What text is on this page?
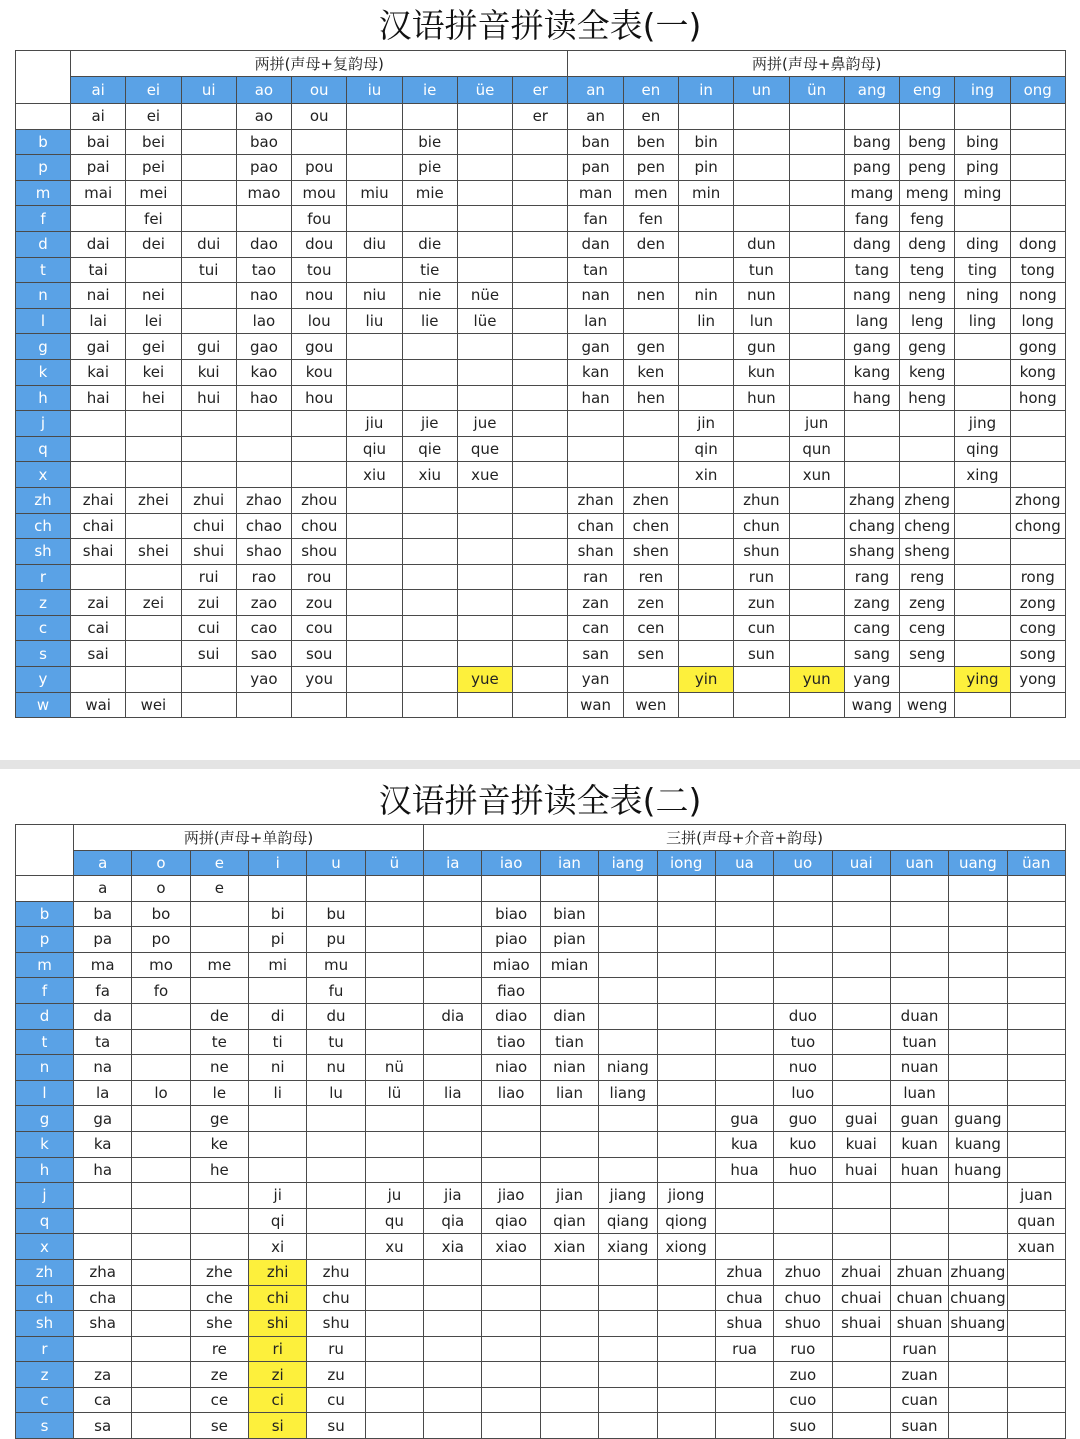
汉语拼音拼读全表(一)
	两拼(声母+复韵母)									两拼(声母+鼻韵母)								
	ai	ei	ui	ao	ou	iu	ie	üe	er	an	en	in	un	ün	ang	eng	ing	ong
	ai	ei		ao	ou				er	an	en							
b	bai	bei		bao			bie			ban	ben	bin			bang	beng	bing	
p	pai	pei		pao	pou		pie			pan	pen	pin			pang	peng	ping	
m	mai	mei		mao	mou	miu	mie			man	men	min			mang	meng	ming	
f		fei			fou					fan	fen				fang	feng		
d	dai	dei	dui	dao	dou	diu	die			dan	den		dun		dang	deng	ding	dong
t	tai		tui	tao	tou		tie			tan			tun		tang	teng	ting	tong
n	nai	nei		nao	nou	niu	nie	nüe		nan	nen	nin	nun		nang	neng	ning	nong
l	lai	lei		lao	lou	liu	lie	lüe		lan		lin	lun		lang	leng	ling	long
g	gai	gei	gui	gao	gou					gan	gen		gun		gang	geng		gong
k	kai	kei	kui	kao	kou					kan	ken		kun		kang	keng		kong
h	hai	hei	hui	hao	hou					han	hen		hun		hang	heng		hong
j						jiu	jie	jue				jin		jun			jing	
q						qiu	qie	que				qin		qun			qing	
x						xiu	xiu	xue				xin		xun			xing	
zh	zhai	zhei	zhui	zhao	zhou					zhan	zhen		zhun		zhang	zheng		zhong
ch	chai		chui	chao	chou					chan	chen		chun		chang	cheng		chong
sh	shai	shei	shui	shao	shou					shan	shen		shun		shang	sheng		
r			rui	rao	rou					ran	ren		run		rang	reng		rong
z	zai	zei	zui	zao	zou					zan	zen		zun		zang	zeng		zong
c	cai		cui	cao	cou					can	cen		cun		cang	ceng		cong
s	sai		sui	sao	sou					san	sen		sun		sang	seng		song
y				yao	you			yue		yan		yin		yun	yang		ying	yong
w	wai	wei								wan	wen				wang	weng		
汉语拼音拼读全表(二)
	两拼(声母+单韵母)						三拼(声母+介音+韵母)										
	a	o	e	i	u	ü	ia	iao	ian	iang	iong	ua	uo	uai	uan	uang	üan
	a	o	e														
b	ba	bo		bi	bu			biao	bian								
p	pa	po		pi	pu			piao	pian								
m	ma	mo	me	mi	mu			miao	mian								
f	fa	fo			fu			fiao									
d	da		de	di	du		dia	diao	dian				duo		duan		
t	ta		te	ti	tu			tiao	tian				tuo		tuan		
n	na		ne	ni	nu	nü		niao	nian	niang			nuo		nuan		
l	la	lo	le	li	lu	lü	lia	liao	lian	liang			luo		luan		
g	ga		ge									gua	guo	guai	guan	guang	
k	ka		ke									kua	kuo	kuai	kuan	kuang	
h	ha		he									hua	huo	huai	huan	huang	
j				ji		ju	jia	jiao	jian	jiang	jiong						juan
q				qi		qu	qia	qiao	qian	qiang	qiong						quan
x				xi		xu	xia	xiao	xian	xiang	xiong						xuan
zh	zha		zhe	zhi	zhu							zhua	zhuo	zhuai	zhuan	zhuang	
ch	cha		che	chi	chu							chua	chuo	chuai	chuan	chuang	
sh	sha		she	shi	shu							shua	shuo	shuai	shuan	shuang	
r			re	ri	ru							rua	ruo		ruan		
z	za		ze	zi	zu								zuo		zuan		
c	ca		ce	ci	cu								cuo		cuan		
s	sa		se	si	su								suo		suan		
